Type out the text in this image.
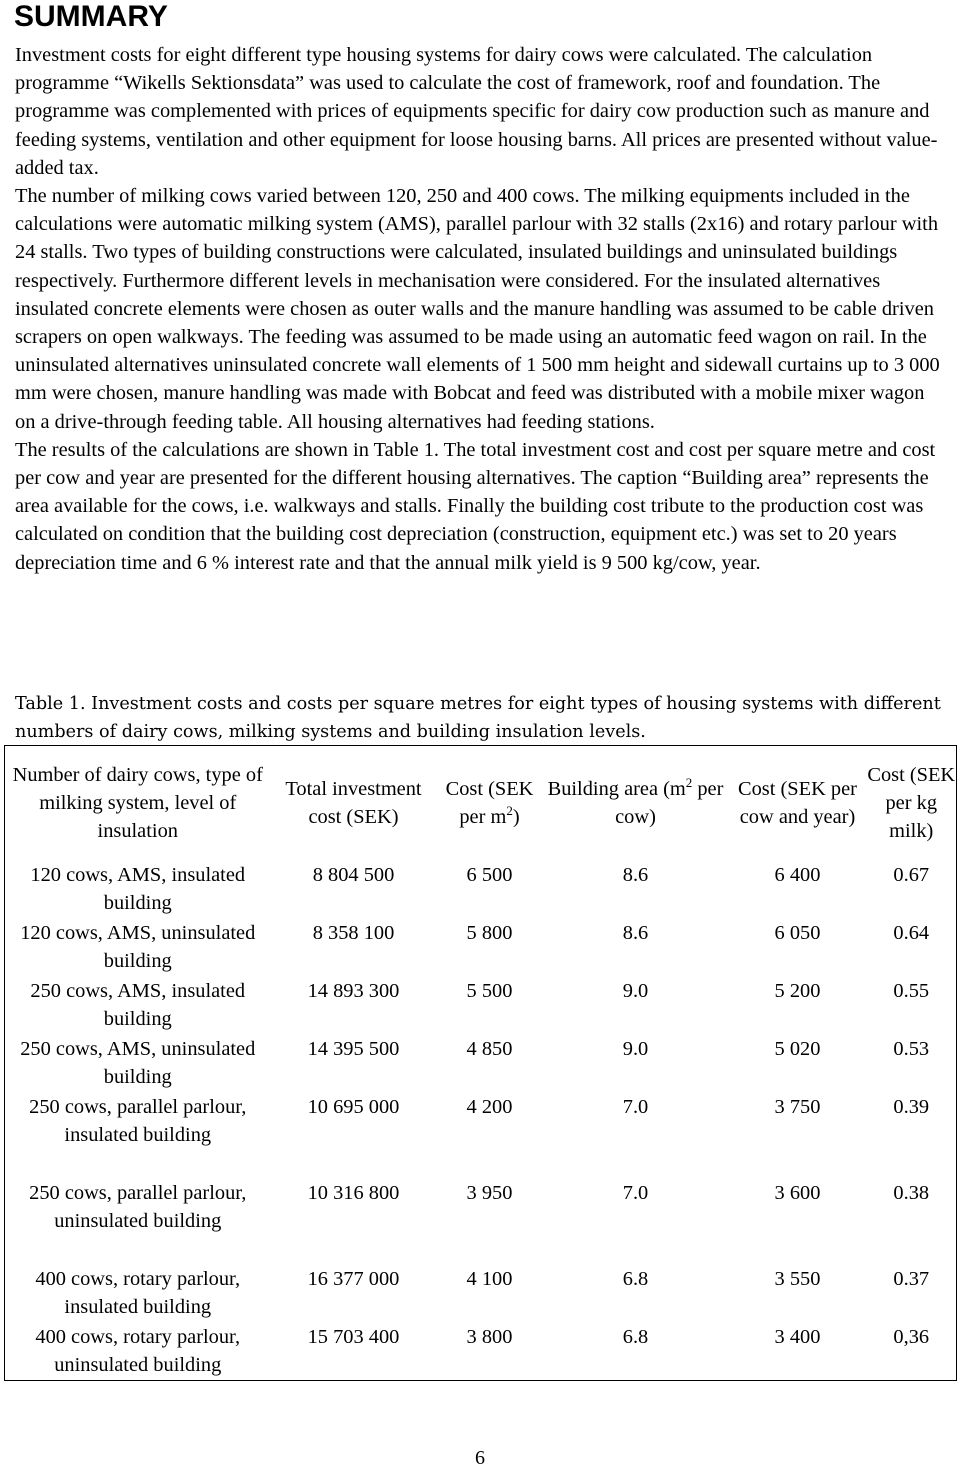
SUMMARY

Investment costs for eight different type housing systems for dairy cows were calculated. The calculation programme “Wikells Sektionsdata” was used to calculate the cost of framework, roof and foundation. The programme was complemented with prices of equipments specific for dairy cow production such as manure and feeding systems, ventilation and other equipment for loose housing barns. All prices are presented without value-added tax.

The number of milking cows varied between 120, 250 and 400 cows. The milking equipments included in the calculations were automatic milking system (AMS), parallel parlour with 32 stalls (2x16) and rotary parlour with 24 stalls. Two types of building constructions were calculated, insulated buildings and uninsulated buildings respectively. Furthermore different levels in mechanisation were considered. For the insulated alternatives insulated concrete elements were chosen as outer walls and the manure handling was assumed to be cable driven scrapers on open walkways. The feeding was assumed to be made using an automatic feed wagon on rail. In the uninsulated alternatives uninsulated concrete wall elements of 1 500 mm height and sidewall curtains up to 3 000 mm were chosen, manure handling was made with Bobcat and feed was distributed with a mobile mixer wagon on a drive-through feeding table. All housing alternatives had feeding stations.

The results of the calculations are shown in Table 1. The total investment cost and cost per square metre and cost per cow and year are presented for the different housing alternatives. The caption “Building area” represents the area available for the cows, i.e. walkways and stalls. Finally the building cost tribute to the production cost was calculated on condition that the building cost depreciation (construction, equipment etc.) was set to 20 years depreciation time and 6 % interest rate and that the annual milk yield is 9 500 kg/cow, year.

Table 1. Investment costs and costs per square metres for eight types of housing systems with different numbers of dairy cows, milking systems and building insulation levels.

Number of dairy cows, type of milking system, level of insulation	Total investment cost (SEK)	Cost (SEK per $m^2$)	Building area ($m^2$ per cow)	Cost (SEK per cow and year)	Cost (SEK per kg milk)
120 cows, AMS, insulated building	8 804 500	6 500	8.6	6 400	0.67
120 cows, AMS, uninsulated building	8 358 100	5 800	8.6	6 050	0.64
250 cows, AMS, insulated building	14 893 300	5 500	9.0	5 200	0.55
250 cows, AMS, uninsulated building	14 395 500	4 850	9.0	5 020	0.53
250 cows, parallel parlour, insulated building	10 695 000	4 200	7.0	3 750	0.39
250 cows, parallel parlour, uninsulated building	10 316 800	3 950	7.0	3 600	0.38
400 cows, rotary parlour, insulated building	16 377 000	4 100	6.8	3 550	0.37
400 cows, rotary parlour, uninsulated building	15 703 400	3 800	6.8	3 400	0,36
6
